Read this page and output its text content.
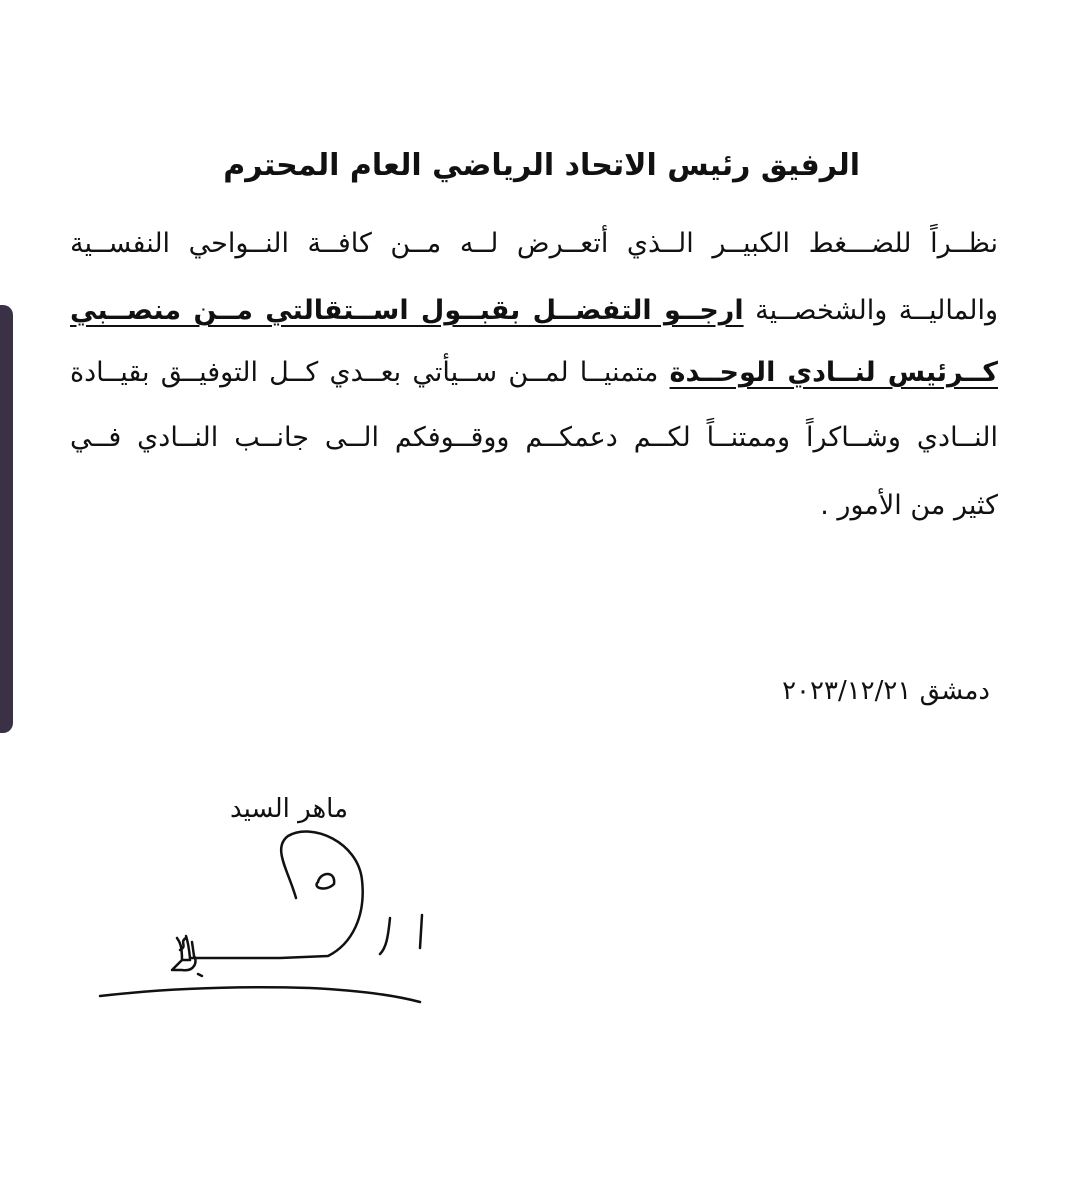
الرفيق رئيس الاتحاد الرياضي العام المحترم
نظــراً للضـــغط الكبيــر الــذي أتعــرض لــه مــن كافــة النــواحي النفســية
والماليــة والشخصــية ارجــو التفضــل بقبــول اســتقالتي مــن منصــبي
كــرئيس لنــادي الوحــدة متمنيــا لمــن ســيأتي بعــدي كــل التوفيــق بقيــادة
النــادي وشــاكراً وممتنــاً لكــم دعمكــم ووقــوفكم الــى جانــب النــادي فــي
كثير من الأمور .
دمشق ٢٠٢٣/١٢/٢١
ماهر السيد
